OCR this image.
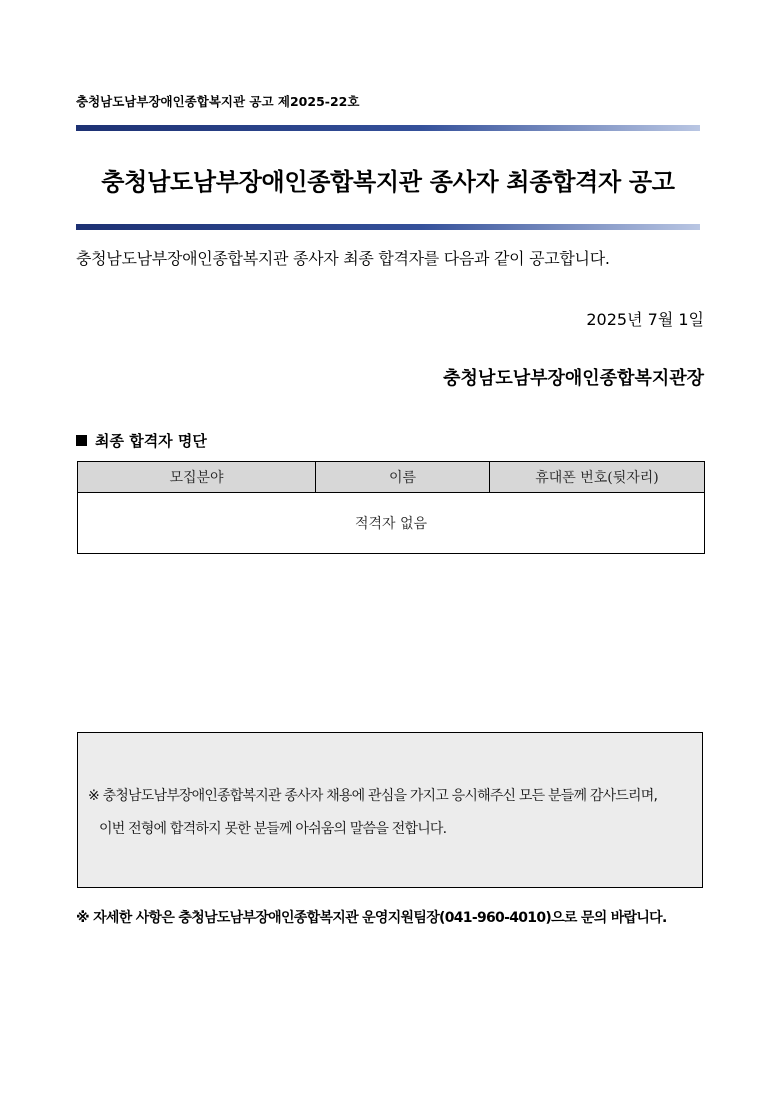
충청남도남부장애인종합복지관 공고 제2025-22호
충청남도남부장애인종합복지관 종사자 최종합격자 공고
충청남도남부장애인종합복지관 종사자 최종 합격자를 다음과 같이 공고합니다.
2025년 7월 1일
충청남도남부장애인종합복지관장
최종 합격자 명단
모집분야	이름	휴대폰 번호(뒷자리)
적격자 없음
※ 충청남도남부장애인종합복지관 종사자 채용에 관심을 가지고 응시해주신 모든 분들께 감사드리며,
이번 전형에 합격하지 못한 분들께 아쉬움의 말씀을 전합니다.
※ 자세한 사항은 충청남도남부장애인종합복지관 운영지원팀장(041-960-4010)으로 문의 바랍니다.
